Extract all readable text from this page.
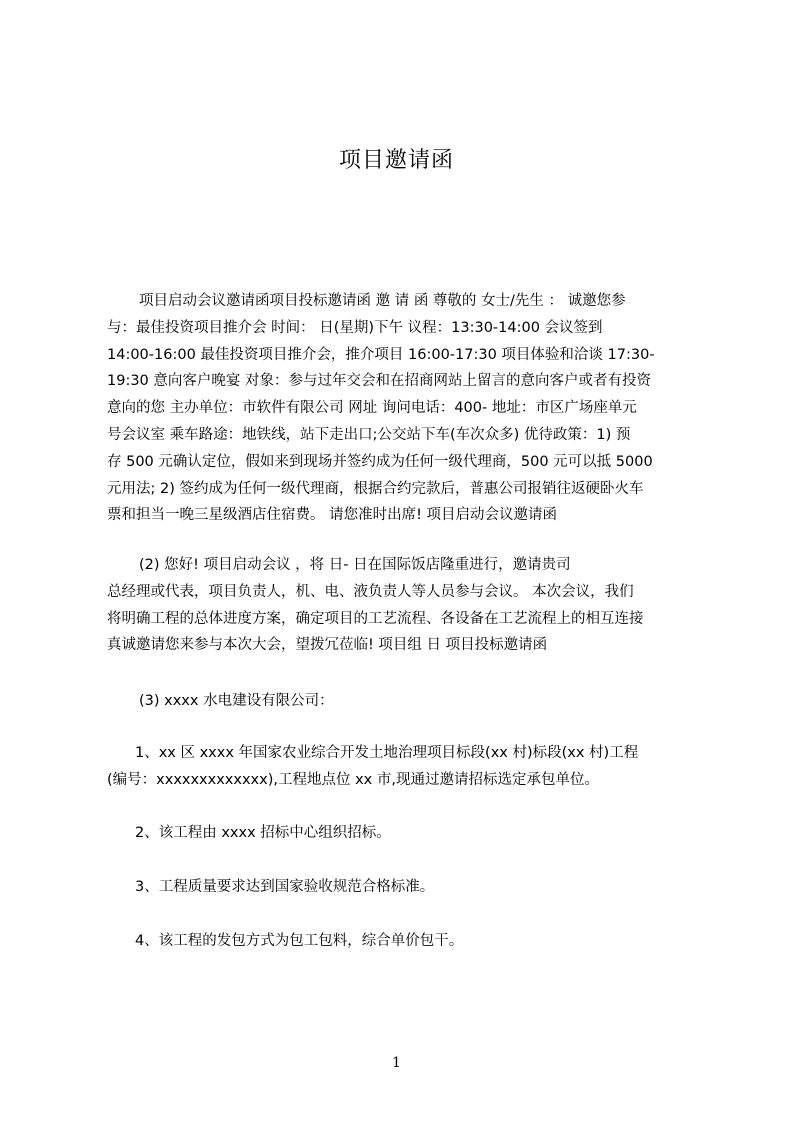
项目邀请函
项目启动会议邀请函项目投标邀请函 邀 请 函 尊敬的 女士/先生 ： 诚邀您参
与：最佳投资项目推介会 时间： 日(星期)下午 议程：13:30-14:00 会议签到
14:00-16:00 最佳投资项目推介会，推介项目 16:00-17:30 项目体验和洽谈 17:30-
19:30 意向客户晚宴 对象：参与过年交会和在招商网站上留言的意向客户或者有投资
意向的您 主办单位：市软件有限公司 网址 询问电话：400- 地址：市区广场座单元
号会议室 乘车路途：地铁线，站下走出口;公交站下车(车次众多) 优待政策：1) 预
存 500 元确认定位，假如来到现场并签约成为任何一级代理商，500 元可以抵 5000
元用法; 2) 签约成为任何一级代理商，根据合约完款后，普惠公司报销往返硬卧火车
票和担当一晚三星级酒店住宿费。 请您准时出席! 项目启动会议邀请函
(2) 您好! 项目启动会议 ，将 日- 日在国际饭店隆重进行，邀请贵司
总经理或代表，项目负责人，机、电、液负责人等人员参与会议。 本次会议，我们
将明确工程的总体进度方案，确定项目的工艺流程、各设备在工艺流程上的相互连接
真诚邀请您来参与本次大会，望拨冗莅临! 项目组 日 项目投标邀请函
(3) xxxx 水电建设有限公司：
1、xx 区 xxxx 年国家农业综合开发土地治理项目标段(xx 村)标段(xx 村)工程
(编号：xxxxxxxxxxxxx),工程地点位 xx 市,现通过邀请招标选定承包单位。
2、该工程由 xxxx 招标中心组织招标。
3、工程质量要求达到国家验收规范合格标准。
4、该工程的发包方式为包工包料，综合单价包干。
1
